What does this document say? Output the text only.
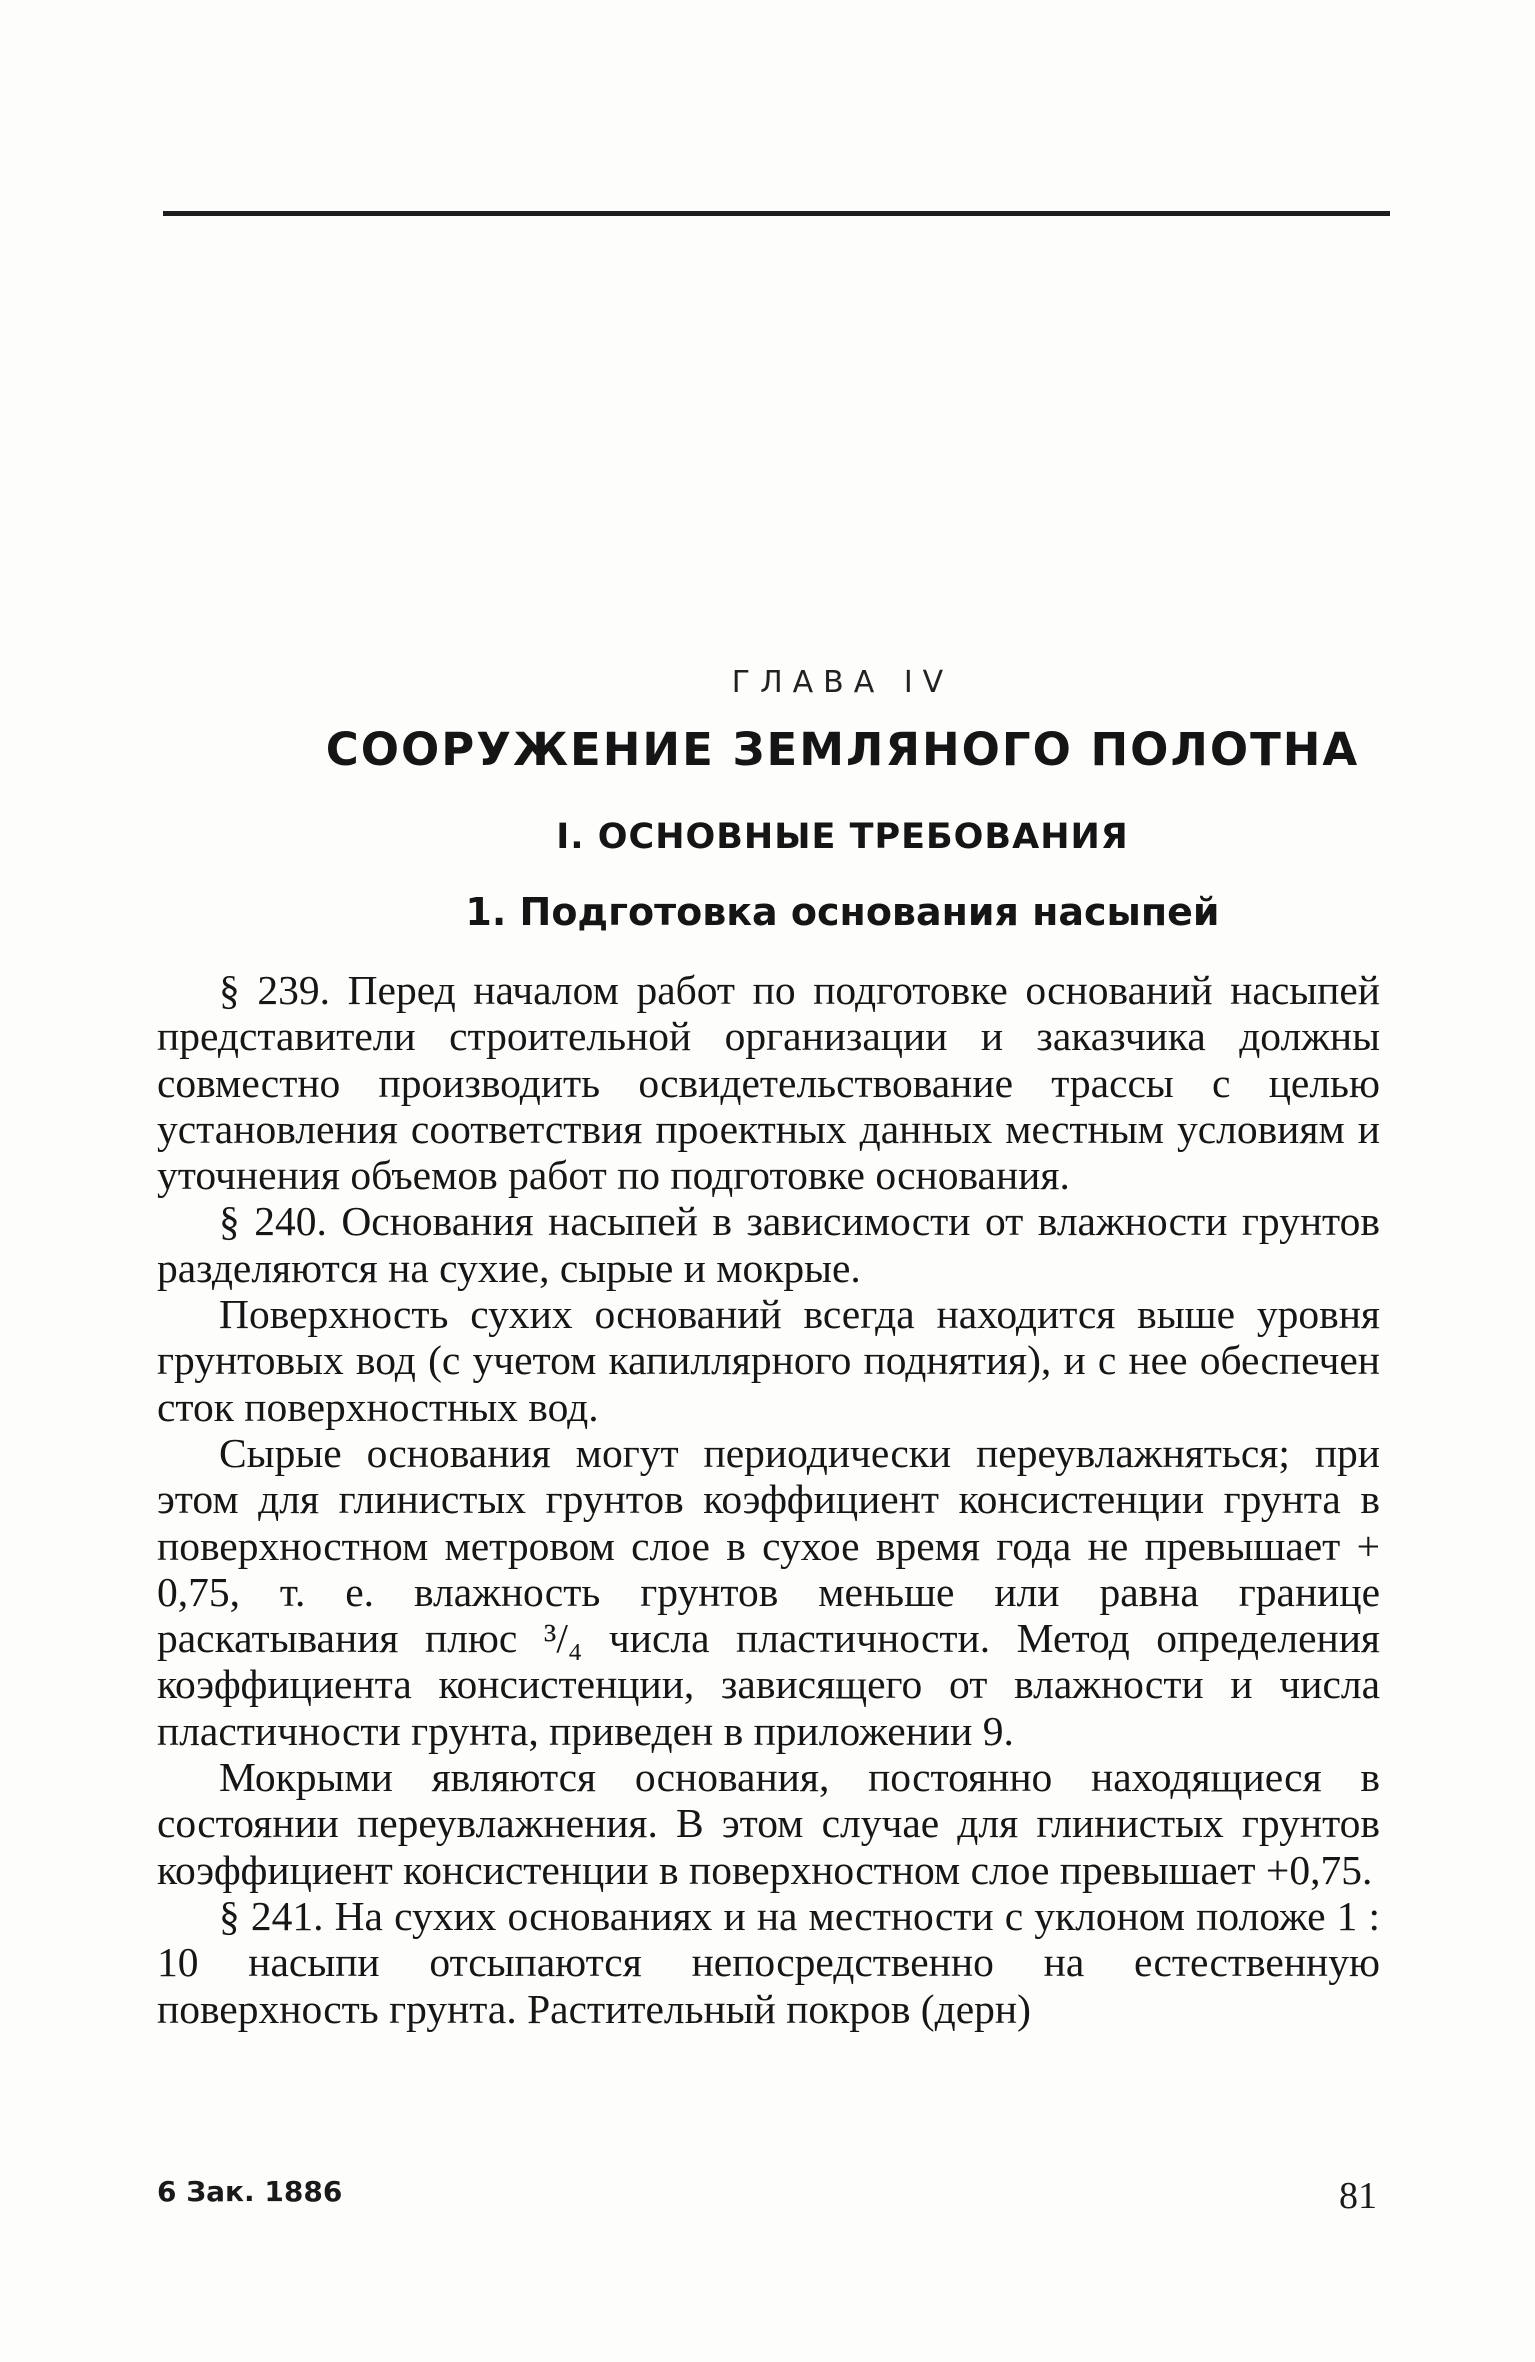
ГЛАВА IV
СООРУЖЕНИЕ ЗЕМЛЯНОГО ПОЛОТНА
I. ОСНОВНЫЕ ТРЕБОВАНИЯ
1. Подготовка основания насыпей

§ 239. Перед началом работ по подготовке оснований насыпей представители строительной организации и заказчика должны совместно производить освидетельствование трассы с целью установления соответствия проектных данных местным условиям и уточнения объемов работ по подготовке основания.

§ 240. Основания насыпей в зависимости от влажности грунтов разделяются на сухие, сырые и мокрые.

Поверхность сухих оснований всегда находится выше уровня грунтовых вод (с учетом капиллярного поднятия), и с нее обеспечен сток поверхностных вод.

Сырые основания могут периодически переувлажняться; при этом для глинистых грунтов коэффициент консистенции грунта в поверхностном метровом слое в сухое время года не превышает + 0,75, т. е. влажность грунтов меньше или равна границе раскатывания плюс ³/₄ числа пластичности. Метод определения коэффициента консистенции, зависящего от влажности и числа пластичности грунта, приведен в приложении 9.

Мокрыми являются основания, постоянно находящиеся в состоянии переувлажнения. В этом случае для глинистых грунтов коэффициент консистенции в поверхностном слое превышает +0,75.

§ 241. На сухих основаниях и на местности с уклоном положе 1 : 10 насыпи отсыпаются непосредственно на естественную поверхность грунта. Растительный покров (дерн)

6 Зак. 1886	81
